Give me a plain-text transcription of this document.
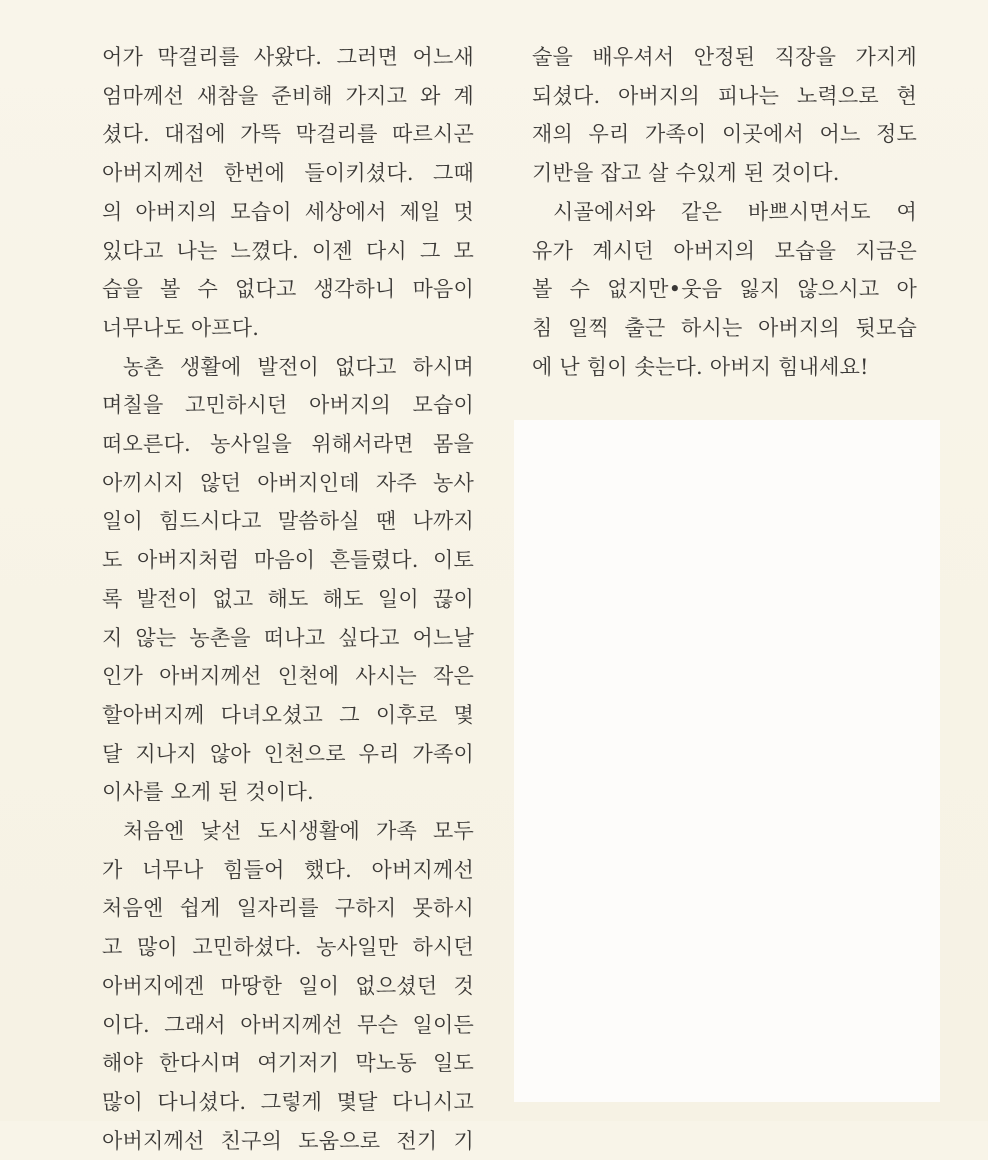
어가 막걸리를 사왔다. 그러면 어느새
엄마께선 새참을 준비해 가지고 와 계
셨다. 대접에 가뜩 막걸리를 따르시곤
아버지께선 한번에 들이키셨다. 그때
의 아버지의 모습이 세상에서 제일 멋
있다고 나는 느꼈다. 이젠 다시 그 모
습을 볼 수 없다고 생각하니 마음이
너무나도 아프다.

농촌 생활에 발전이 없다고 하시며
며칠을 고민하시던 아버지의 모습이
떠오른다. 농사일을 위해서라면 몸을
아끼시지 않던 아버지인데 자주 농사
일이 힘드시다고 말씀하실 땐 나까지
도 아버지처럼 마음이 흔들렸다. 이토
록 발전이 없고 해도 해도 일이 끊이
지 않는 농촌을 떠나고 싶다고 어느날
인가 아버지께선 인천에 사시는 작은
할아버지께 다녀오셨고 그 이후로 몇
달 지나지 않아 인천으로 우리 가족이
이사를 오게 된 것이다.

처음엔 낯선 도시생활에 가족 모두
가 너무나 힘들어 했다. 아버지께선
처음엔 쉽게 일자리를 구하지 못하시
고 많이 고민하셨다. 농사일만 하시던
아버지에겐 마땅한 일이 없으셨던 것
이다. 그래서 아버지께선 무슨 일이든
해야 한다시며 여기저기 막노동 일도
많이 다니셨다. 그렇게 몇달 다니시고
아버지께선 친구의 도움으로 전기 기

술을 배우셔서 안정된 직장을 가지게
되셨다. 아버지의 피나는 노력으로 현
재의 우리 가족이 이곳에서 어느 정도
기반을 잡고 살 수있게 된 것이다.

시골에서와 같은 바쁘시면서도 여
유가 계시던 아버지의 모습을 지금은
볼 수 없지만•웃음 잃지 않으시고 아
침 일찍 출근 하시는 아버지의 뒷모습
에 난 힘이 솟는다. 아버지 힘내세요!
